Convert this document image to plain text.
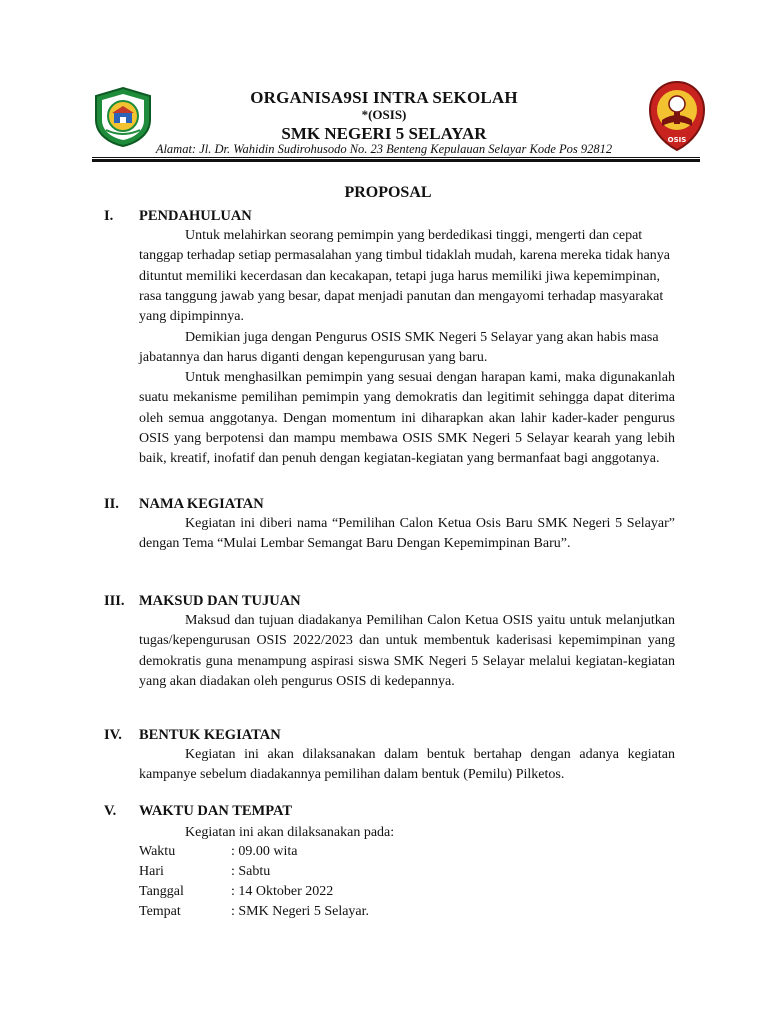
OSIS
ORGANISA9SI INTRA SEKOLAH
*(OSIS)
SMK NEGERI 5 SELAYAR
Alamat: Jl. Dr. Wahidin Sudirohusodo No. 23 Benteng Kepulauan Selayar Kode Pos 92812
PROPOSAL
I. PENDAHULUAN

Untuk melahirkan seorang pemimpin yang berdedikasi tinggi, mengerti dan cepat tanggap terhadap setiap permasalahan yang timbul tidaklah mudah, karena mereka tidak hanya dituntut memiliki kecerdasan dan kecakapan, tetapi juga harus memiliki jiwa kepemimpinan, rasa tanggung jawab yang besar, dapat menjadi panutan dan mengayomi terhadap masyarakat yang dipimpinnya.

Demikian juga dengan Pengurus OSIS SMK Negeri 5 Selayar yang akan habis masa jabatannya dan harus diganti dengan kepengurusan yang baru.

Untuk menghasilkan pemimpin yang sesuai dengan harapan kami, maka digunakanlah suatu mekanisme pemilihan pemimpin yang demokratis dan legitimit sehingga dapat diterima oleh semua anggotanya. Dengan momentum ini diharapkan akan lahir kader-kader pengurus OSIS yang berpotensi dan mampu membawa OSIS SMK Negeri 5 Selayar kearah yang lebih baik, kreatif, inofatif dan penuh dengan kegiatan-kegiatan yang bermanfaat bagi anggotanya.

II. NAMA KEGIATAN

Kegiatan ini diberi nama “Pemilihan Calon Ketua Osis Baru SMK Negeri 5 Selayar” dengan Tema “Mulai Lembar Semangat Baru Dengan Kepemimpinan Baru”.

III. MAKSUD DAN TUJUAN

Maksud dan tujuan diadakanya Pemilihan Calon Ketua OSIS yaitu untuk melanjutkan tugas/kepengurusan OSIS 2022/2023 dan untuk membentuk kaderisasi kepemimpinan yang demokratis guna menampung aspirasi siswa SMK Negeri 5 Selayar melalui kegiatan-kegiatan yang akan diadakan oleh pengurus OSIS di kedepannya.

IV. BENTUK KEGIATAN

Kegiatan ini akan dilaksanakan dalam bentuk bertahap dengan adanya kegiatan kampanye sebelum diadakannya pemilihan dalam bentuk (Pemilu) Pilketos.

V. WAKTU DAN TEMPAT

Kegiatan ini akan dilaksanakan pada:

Waktu	: 09.00 wita
Hari	: Sabtu
Tanggal	: 14 Oktober 2022
Tempat	: SMK Negeri 5 Selayar.
